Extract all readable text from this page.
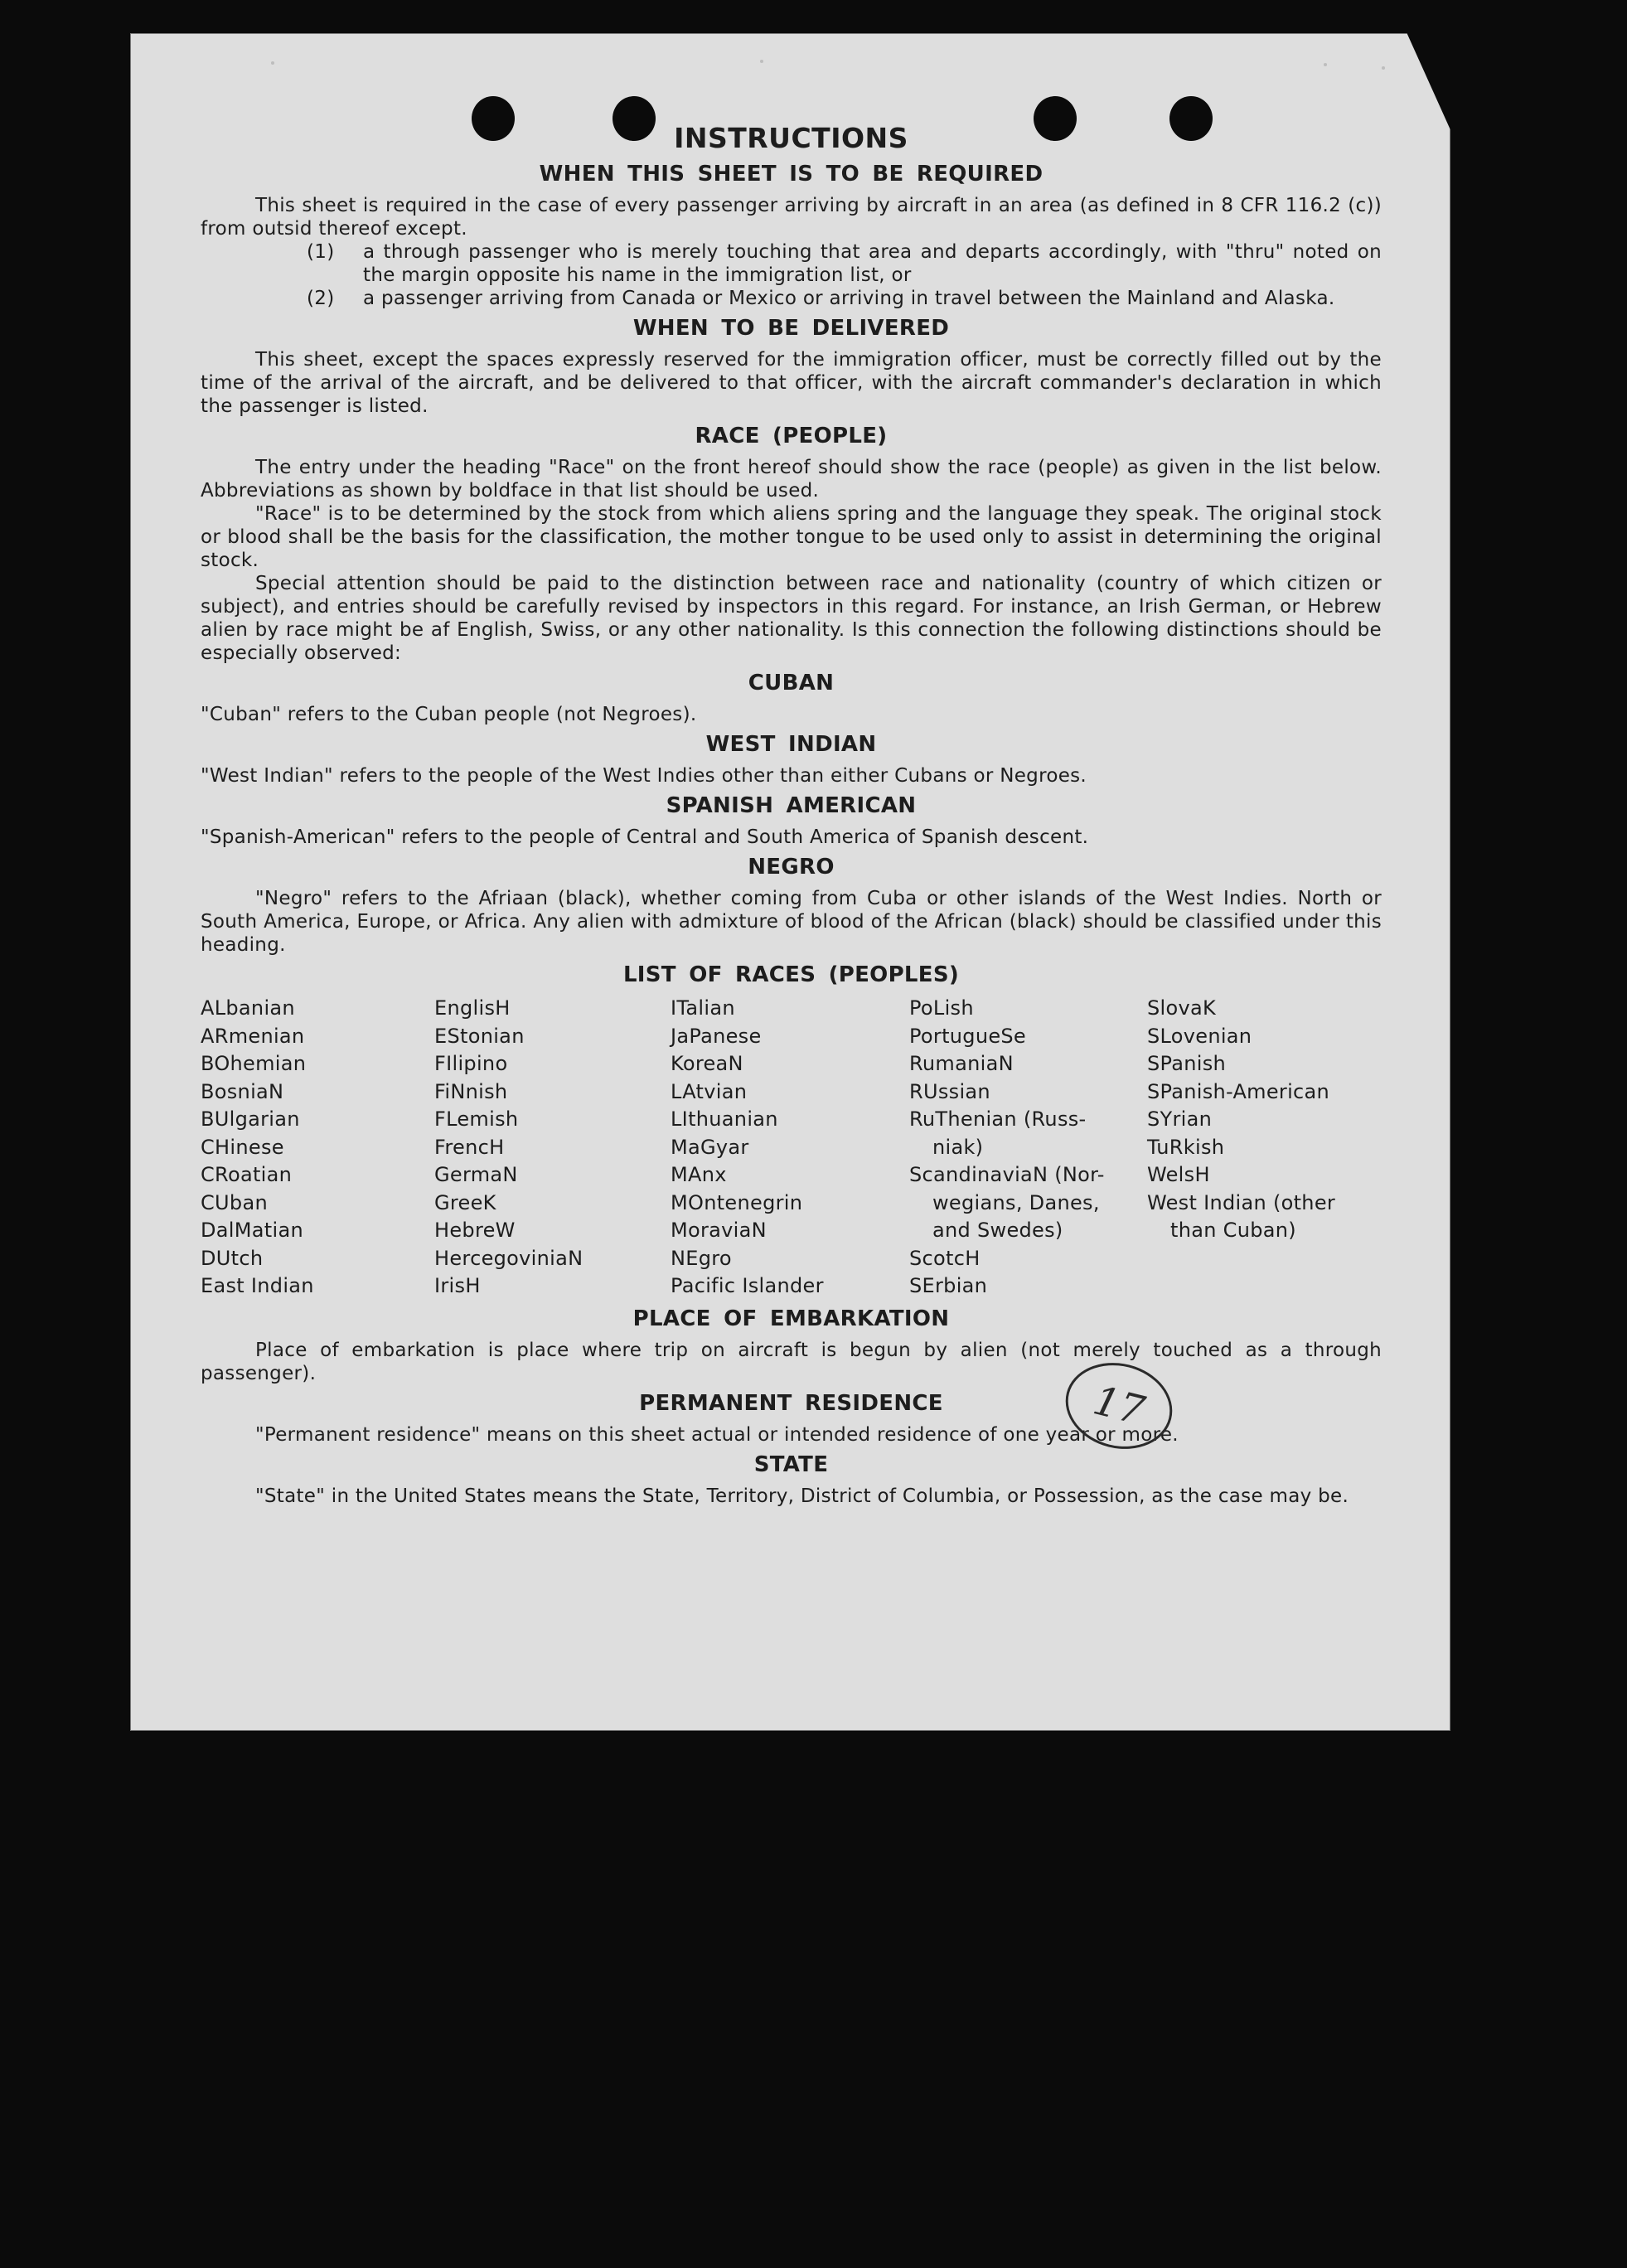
INSTRUCTIONS
WHEN THIS SHEET IS TO BE REQUIRED

This sheet is required in the case of every passenger arriving by aircraft in an area (as defined in 8 CFR 116.2 (c)) from outsid thereof except.

(1) a through passenger who is merely touching that area and departs accordingly, with "thru" noted on the margin opposite his name in the immigration list, or

(2) a passenger arriving from Canada or Mexico or arriving in travel between the Mainland and Alaska.

WHEN TO BE DELIVERED

This sheet, except the spaces expressly reserved for the immigration officer, must be correctly filled out by the time of the arrival of the aircraft, and be delivered to that officer, with the aircraft commander's declaration in which the passenger is listed.

RACE (PEOPLE)

The entry under the heading "Race" on the front hereof should show the race (people) as given in the list below. Abbreviations as shown by boldface in that list should be used.

"Race" is to be determined by the stock from which aliens spring and the language they speak. The original stock or blood shall be the basis for the classification, the mother tongue to be used only to assist in determining the original stock.

Special attention should be paid to the distinction between race and nationality (country of which citizen or subject), and entries should be carefully revised by inspectors in this regard. For instance, an Irish German, or Hebrew alien by race might be af English, Swiss, or any other nationality. Is this connection the following distinctions should be especially observed:

CUBAN

"Cuban" refers to the Cuban people (not Negroes).

WEST INDIAN

"West Indian" refers to the people of the West Indies other than either Cubans or Negroes.

SPANISH AMERICAN

"Spanish-American" refers to the people of Central and South America of Spanish descent.

NEGRO

"Negro" refers to the Afriaan (black), whether coming from Cuba or other islands of the West Indies. North or South America, Europe, or Africa. Any alien with admixture of blood of the African (black) should be classified under this heading.

LIST OF RACES (PEOPLES)
ALbanian
ARmenian
BOhemian
BosniaN
BUlgarian
CHinese
CRoatian
CUban
DalMatian
DUtch
East Indian
EnglisH
EStonian
FIlipino
FiNnish
FLemish
FrencH
GermaN
GreeK
HebreW
HercegoviniaN
IrisH
ITalian
JaPanese
KoreaN
LAtvian
LIthuanian
MaGyar
MAnx
MOntenegrin
MoraviaN
NEgro
Pacific Islander
PoLish
PortugueSe
RumaniaN
RUssian
RuThenian (Russ-
niak)
ScandinaviaN (Nor-
wegians, Danes,
and Swedes)
ScotcH
SErbian
SlovaK
SLovenian
SPanish
SPanish-American
SYrian
TuRkish
WelsH
West Indian (other
than Cuban)
PLACE OF EMBARKATION

Place of embarkation is place where trip on aircraft is begun by alien (not merely touched as a through passenger).

PERMANENT RESIDENCE

"Permanent residence" means on this sheet actual or intended residence of one year or more.

STATE

"State" in the United States means the State, Territory, District of Columbia, or Possession, as the case may be.

17
